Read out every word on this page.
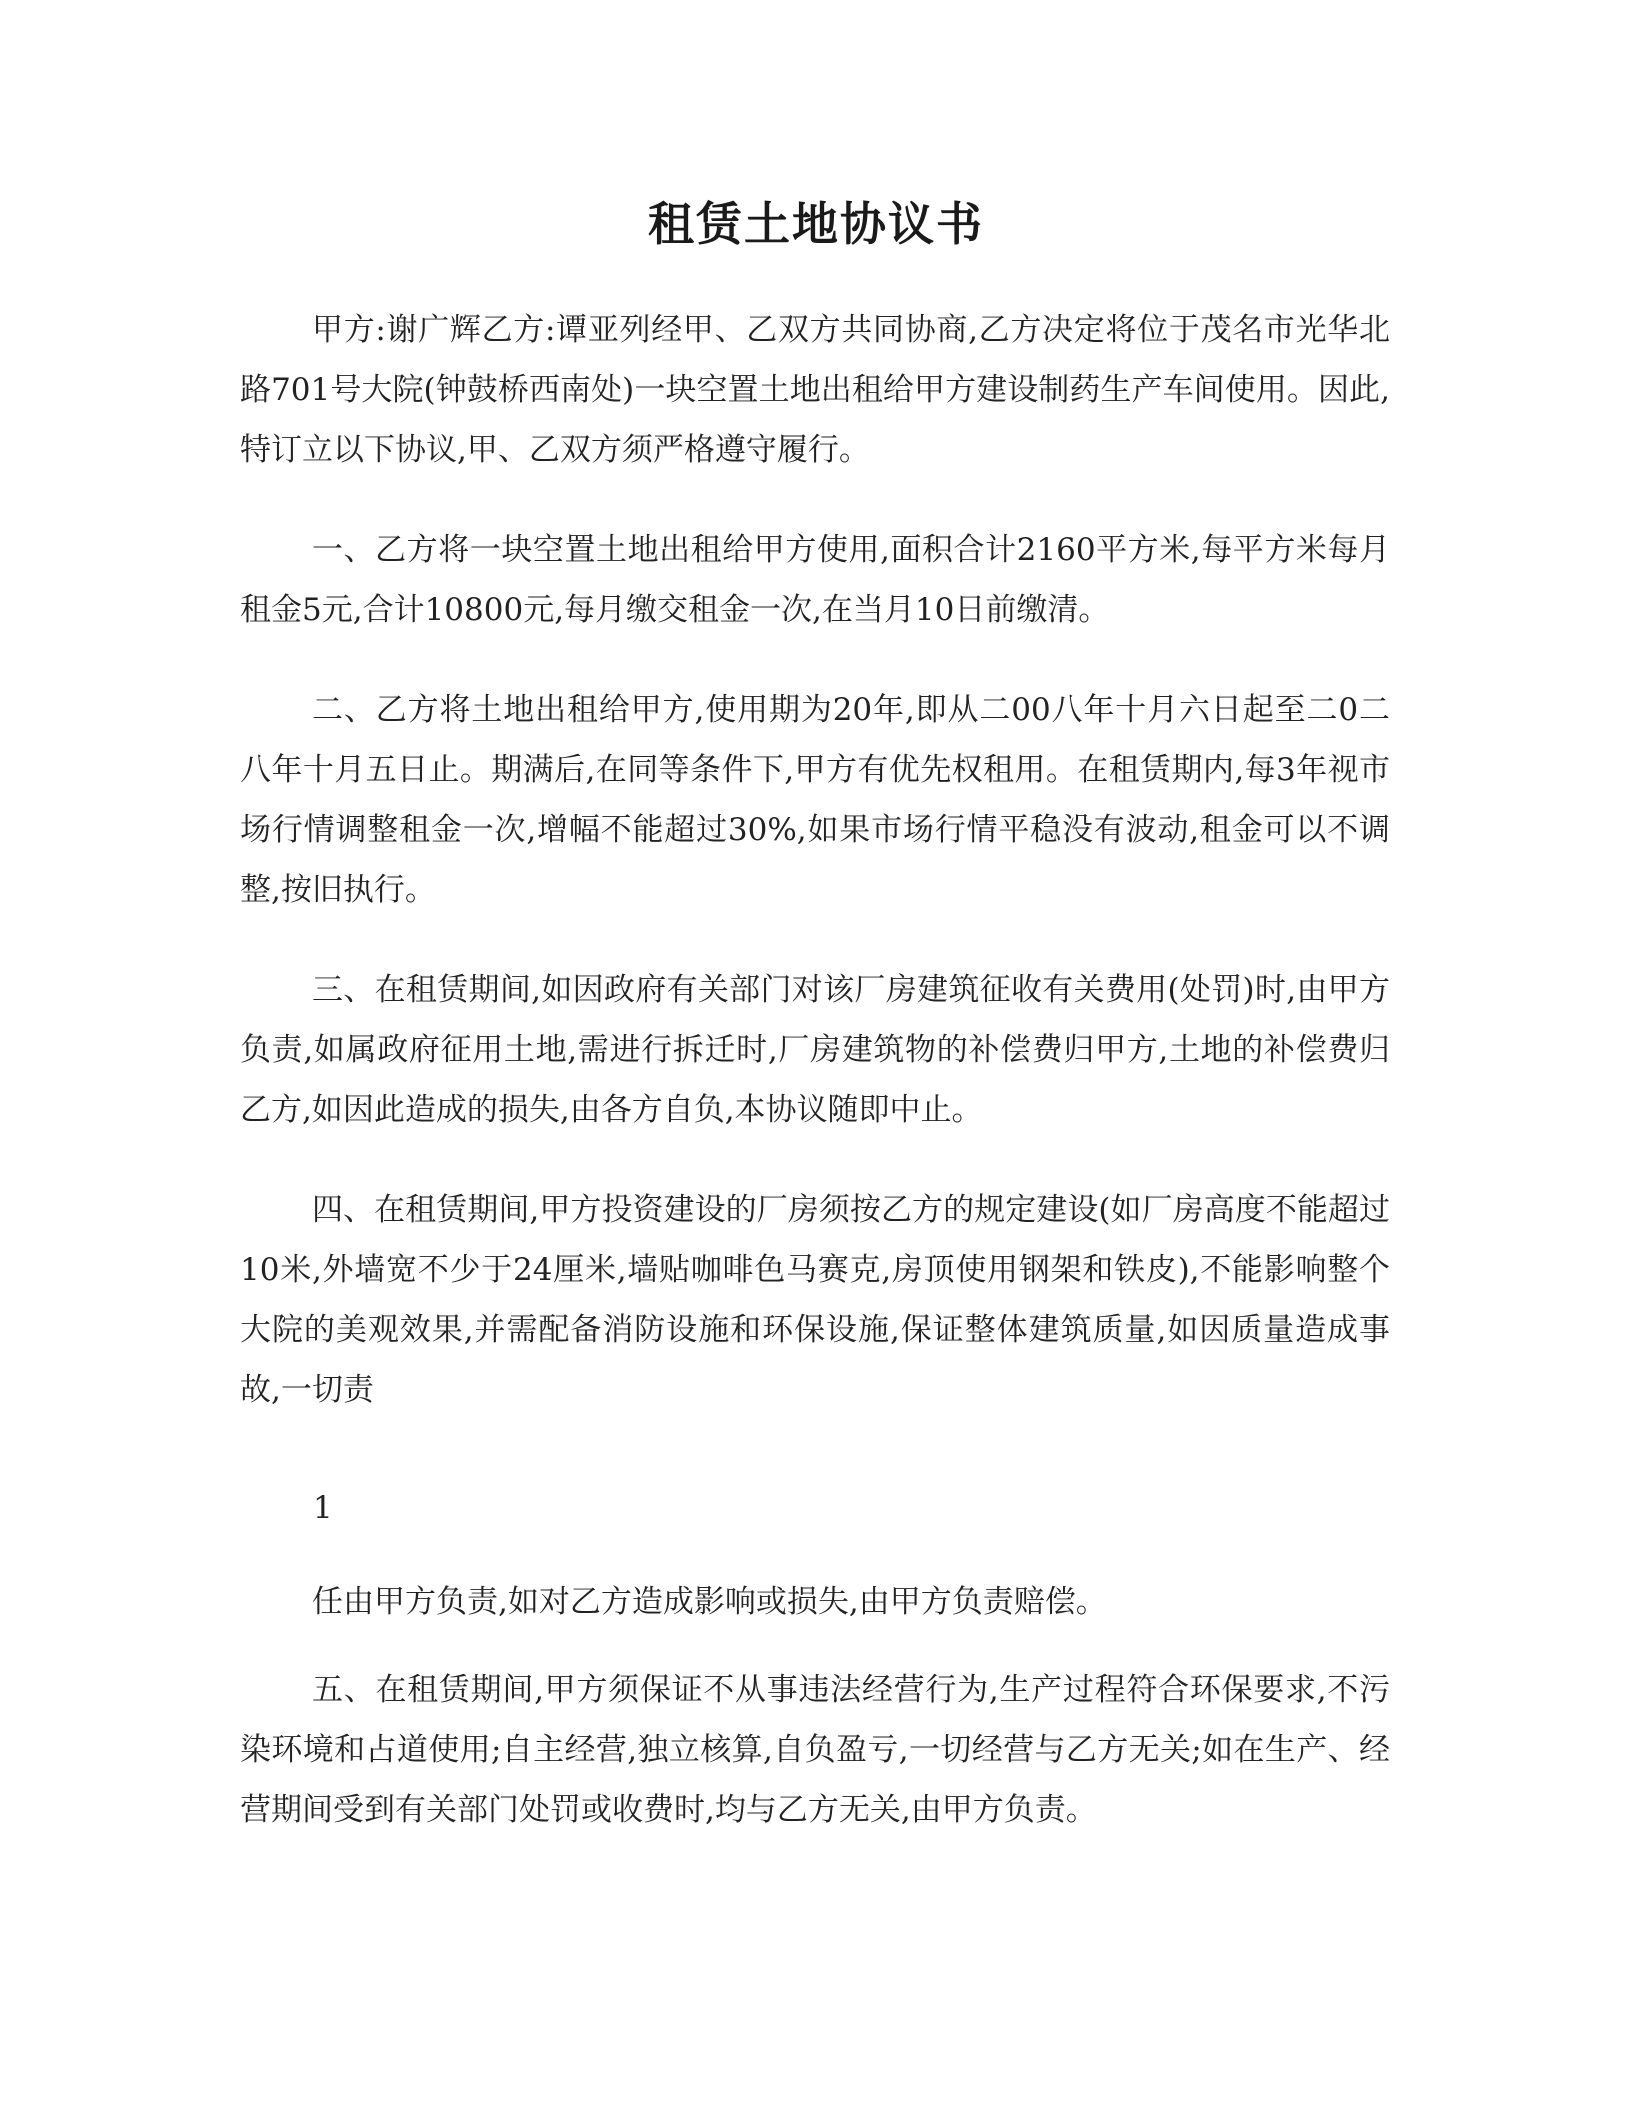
租赁土地协议书
甲方:谢广辉乙方:谭亚列经甲、乙双方共同协商,乙方决定将位于茂名市光华北路701号大院(钟鼓桥西南处)一块空置土地出租给甲方建设制药生产车间使用。因此,特订立以下协议,甲、乙双方须严格遵守履行。
一、乙方将一块空置土地出租给甲方使用,面积合计2160平方米,每平方米每月租金5元,合计10800元,每月缴交租金一次,在当月10日前缴清。
二、乙方将土地出租给甲方,使用期为20年,即从二00八年十月六日起至二0二八年十月五日止。期满后,在同等条件下,甲方有优先权租用。在租赁期内,每3年视市场行情调整租金一次,增幅不能超过30%,如果市场行情平稳没有波动,租金可以不调整,按旧执行。
三、在租赁期间,如因政府有关部门对该厂房建筑征收有关费用(处罚)时,由甲方负责,如属政府征用土地,需进行拆迁时,厂房建筑物的补偿费归甲方,土地的补偿费归乙方,如因此造成的损失,由各方自负,本协议随即中止。
四、在租赁期间,甲方投资建设的厂房须按乙方的规定建设(如厂房高度不能超过10米,外墙宽不少于24厘米,墙贴咖啡色马赛克,房顶使用钢架和铁皮),不能影响整个大院的美观效果,并需配备消防设施和环保设施,保证整体建筑质量,如因质量造成事故,一切责
1
任由甲方负责,如对乙方造成影响或损失,由甲方负责赔偿。
五、在租赁期间,甲方须保证不从事违法经营行为,生产过程符合环保要求,不污染环境和占道使用;自主经营,独立核算,自负盈亏,一切经营与乙方无关;如在生产、经营期间受到有关部门处罚或收费时,均与乙方无关,由甲方负责。
